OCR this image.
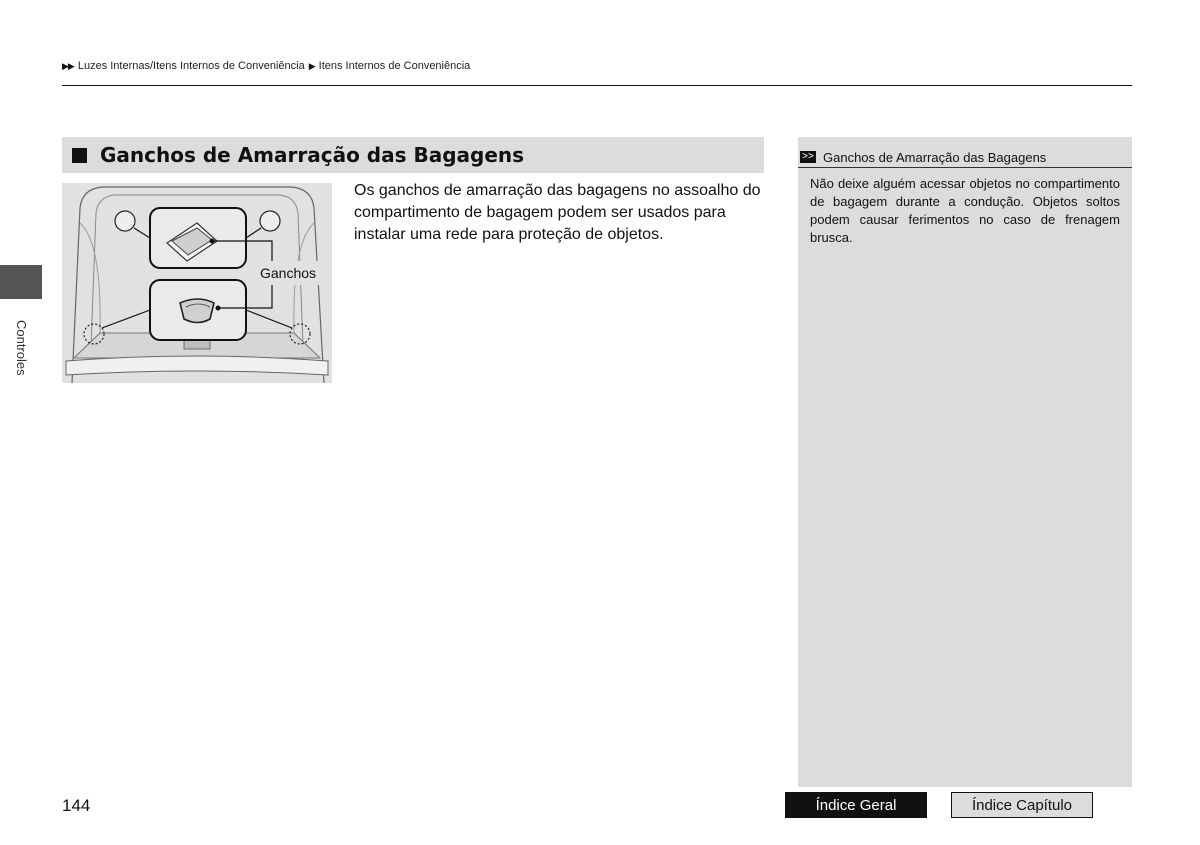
▶▶ Luzes Internas/Itens Internos de Conveniência ▶ Itens Internos de Conveniência
Controles
Ganchos de Amarração das Bagagens
Ganchos
Os ganchos de amarração das bagagens no assoalho do compartimento de bagagem podem ser usados para instalar uma rede para proteção de objetos.
>> Ganchos de Amarração das Bagagens
Não deixe alguém acessar objetos no compartimento de bagagem durante a condução. Objetos soltos podem causar ferimentos no caso de frenagem brusca.
144	Índice Geral	Índice Capítulo
